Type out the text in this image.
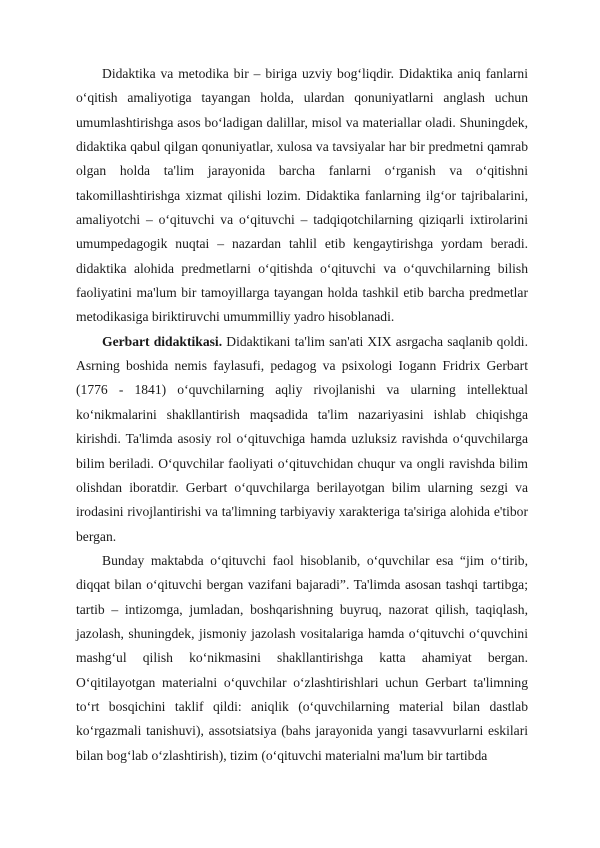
Didaktika va metodika bir – biriga uzviy bog‘liqdir. Didaktika aniq fanlarni o‘qitish amaliyotiga tayangan holda, ulardan qonuniyatlarni anglash uchun umumlashtirishga asos bo‘ladigan dalillar, misol va materiallar oladi. Shuningdek, didaktika qabul qilgan qonuniyatlar, xulosa va tavsiyalar har bir predmetni qamrab olgan holda ta'lim jarayonida barcha fanlarni o‘rganish va o‘qitishni takomillashtirishga xizmat qilishi lozim. Didaktika fanlarning ilg‘or tajribalarini, amaliyotchi – o‘qituvchi va o‘qituvchi – tadqiqotchilarning qiziqarli ixtirolarini umumpedagogik nuqtai – nazardan tahlil etib kengaytirishga yordam beradi. didaktika alohida predmetlarni o‘qitishda o‘qituvchi va o‘quvchilarning bilish faoliyatini ma'lum bir tamoyillarga tayangan holda tashkil etib barcha predmetlar metodikasiga biriktiruvchi umummilliy yadro hisoblanadi.

Gerbart didaktikasi. Didaktikani ta'lim san'ati XIX asrgacha saqlanib qoldi. Asrning boshida nemis faylasufi, pedagog va psixologi Iogann Fridrix Gerbart (1776 - 1841) o‘quvchilarning aqliy rivojlanishi va ularning intellektual ko‘nikmalarini shakllantirish maqsadida ta'lim nazariyasini ishlab chiqishga kirishdi. Ta'limda asosiy rol o‘qituvchiga hamda uzluksiz ravishda o‘quvchilarga bilim beriladi. O‘quvchilar faoliyati o‘qituvchidan chuqur va ongli ravishda bilim olishdan iboratdir. Gerbart o‘quvchilarga berilayotgan bilim ularning sezgi va irodasini rivojlantirishi va ta'limning tarbiyaviy xarakteriga ta'siriga alohida e'tibor bergan.

Bunday maktabda o‘qituvchi faol hisoblanib, o‘quvchilar esa “jim o‘tirib, diqqat bilan o‘qituvchi bergan vazifani bajaradi”. Ta'limda asosan tashqi tartibga; tartib – intizomga, jumladan, boshqarishning buyruq, nazorat qilish, taqiqlash, jazolash, shuningdek, jismoniy jazolash vositalariga hamda o‘qituvchi o‘quvchini mashg‘ul qilish ko‘nikmasini shakllantirishga katta ahamiyat bergan. O‘qitilayotgan materialni o‘quvchilar o‘zlashtirishlari uchun Gerbart ta'limning to‘rt bosqichini taklif qildi: aniqlik (o‘quvchilarning material bilan dastlab ko‘rgazmali tanishuvi), assotsiatsiya (bahs jarayonida yangi tasavvurlarni eskilari bilan bog‘lab o‘zlashtirish), tizim (o‘qituvchi materialni ma'lum bir tartibda
